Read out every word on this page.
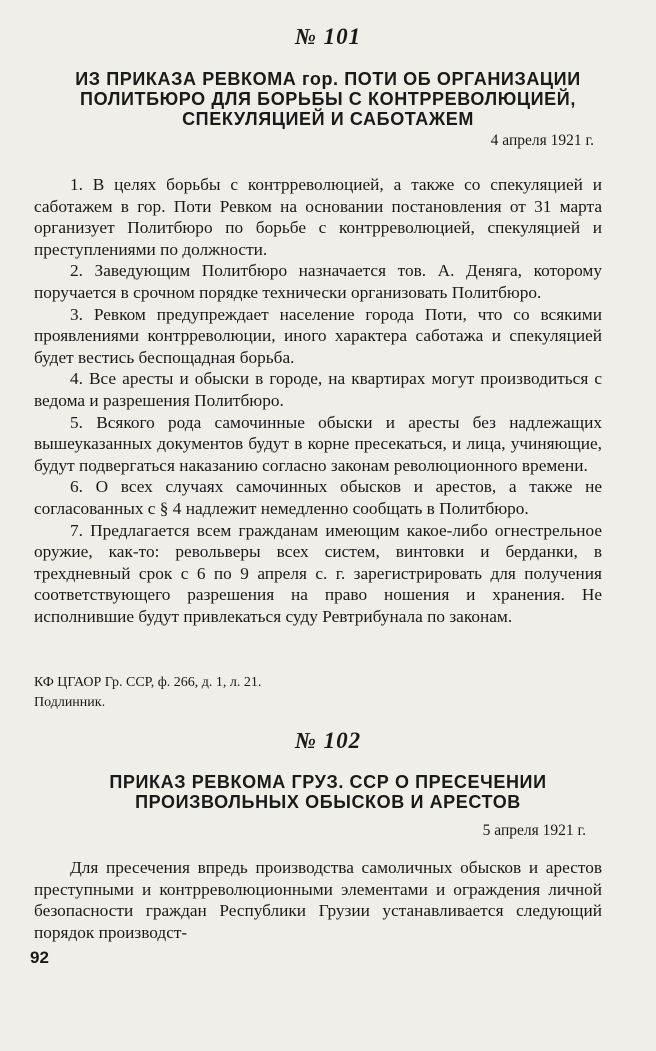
№ 101
ИЗ ПРИКАЗА РЕВКОМА гор. ПОТИ ОБ ОРГАНИЗАЦИИ
ПОЛИТБЮРО ДЛЯ БОРЬБЫ С КОНТРРЕВОЛЮЦИЕЙ,
СПЕКУЛЯЦИЕЙ И САБОТАЖЕМ
4 апреля 1921 г.

1. В целях борьбы с контрреволюцией, а также со спекуляцией и саботажем в гор. Поти Ревком на основании постановления от 31 марта организует Политбюро по борьбе с контрреволюцией, спекуляцией и преступлениями по должности.

2. Заведующим Политбюро назначается тов. А. Деняга, которому поручается в срочном порядке технически организовать Политбюро.

3. Ревком предупреждает население города Поти, что со всякими проявлениями контрреволюции, иного характера саботажа и спекуляцией будет вестись беспощадная борьба.

4. Все аресты и обыски в городе, на квартирах могут производиться с ведома и разрешения Политбюро.

5. Всякого рода самочинные обыски и аресты без надлежащих вышеуказанных документов будут в корне пресекаться, и лица, учиняющие, будут подвергаться наказанию согласно законам революционного времени.

6. О всех случаях самочинных обысков и арестов, а также не согласованных с § 4 надлежит немедленно сообщать в Политбюро.

7. Предлагается всем гражданам имеющим какое-либо огнестрельное оружие, как-то: револьверы всех систем, винтовки и берданки, в трехдневный срок с 6 по 9 апреля с. г. зарегистрировать для получения соответствующего разрешения на право ношения и хранения. Не исполнившие будут привлекаться суду Ревтрибунала по законам.

КФ ЦГАОР Гр. ССР, ф. 266, д. 1, л. 21.
Подлинник.
№ 102
ПРИКАЗ РЕВКОМА ГРУЗ. ССР О ПРЕСЕЧЕНИИ
ПРОИЗВОЛЬНЫХ ОБЫСКОВ И АРЕСТОВ
5 апреля 1921 г.

Для пресечения впредь производства самоличных обысков и арестов преступными и контрреволюционными элементами и ограждения личной безопасности граждан Республики Грузии устанавливается следующий порядок производст-

92
